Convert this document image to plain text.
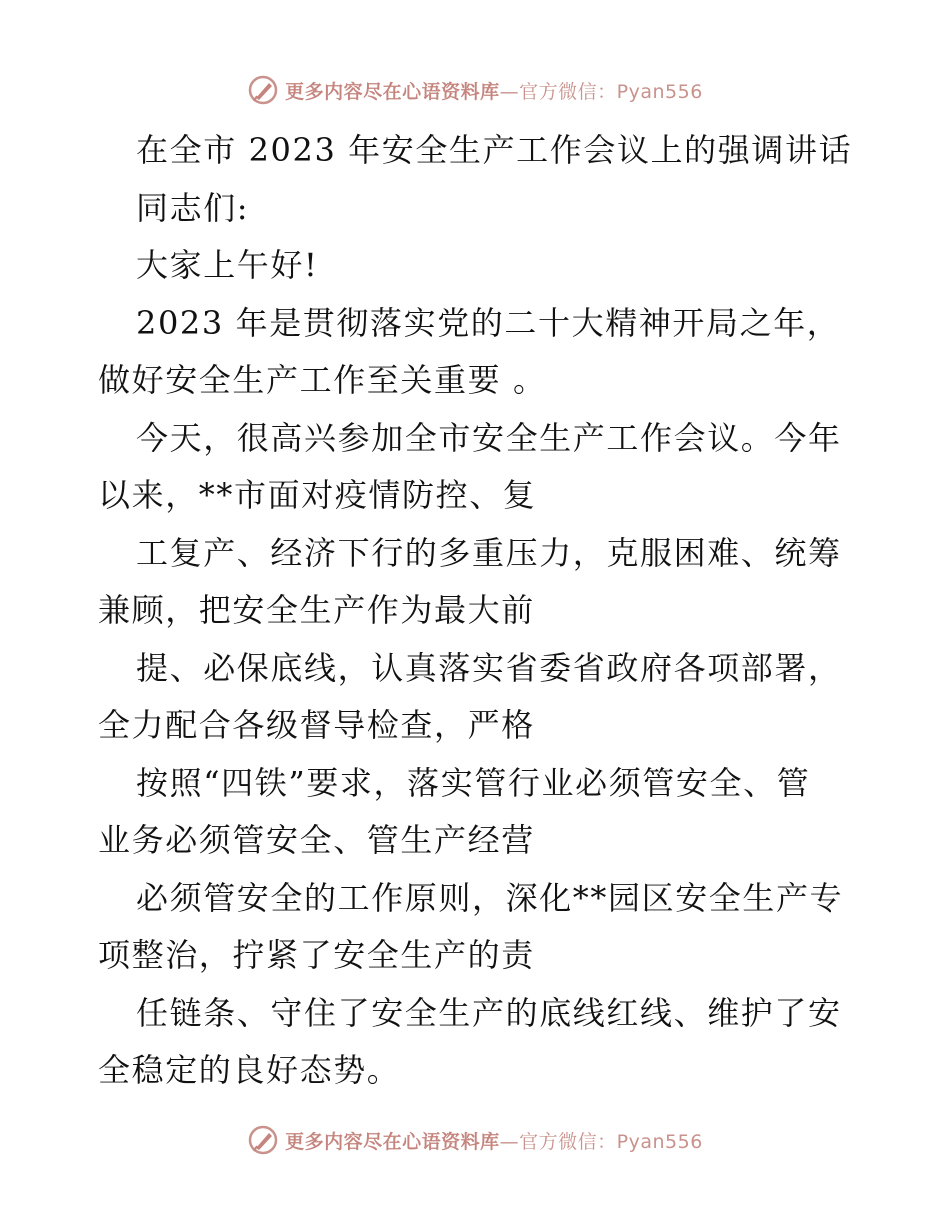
更多内容尽在心语资料库—官方微信：Pyan556
在全市 2023 年安全生产工作会议上的强调讲话
同志们:
大家上午好!
2023 年是贯彻落实党的二十大精神开局之年，
做好安全生产工作至关重要 。
今天，很高兴参加全市安全生产工作会议。今年
以来，**市面对疫情防控、复
工复产、经济下行的多重压力，克服困难、统筹
兼顾，把安全生产作为最大前
提、必保底线，认真落实省委省政府各项部署，
全力配合各级督导检查，严格
按照“四铁”要求，落实管行业必须管安全、管
业务必须管安全、管生产经营
必须管安全的工作原则，深化**园区安全生产专
项整治，拧紧了安全生产的责
任链条、守住了安全生产的底线红线、维护了安
全稳定的良好态势。
更多内容尽在心语资料库—官方微信：Pyan556
